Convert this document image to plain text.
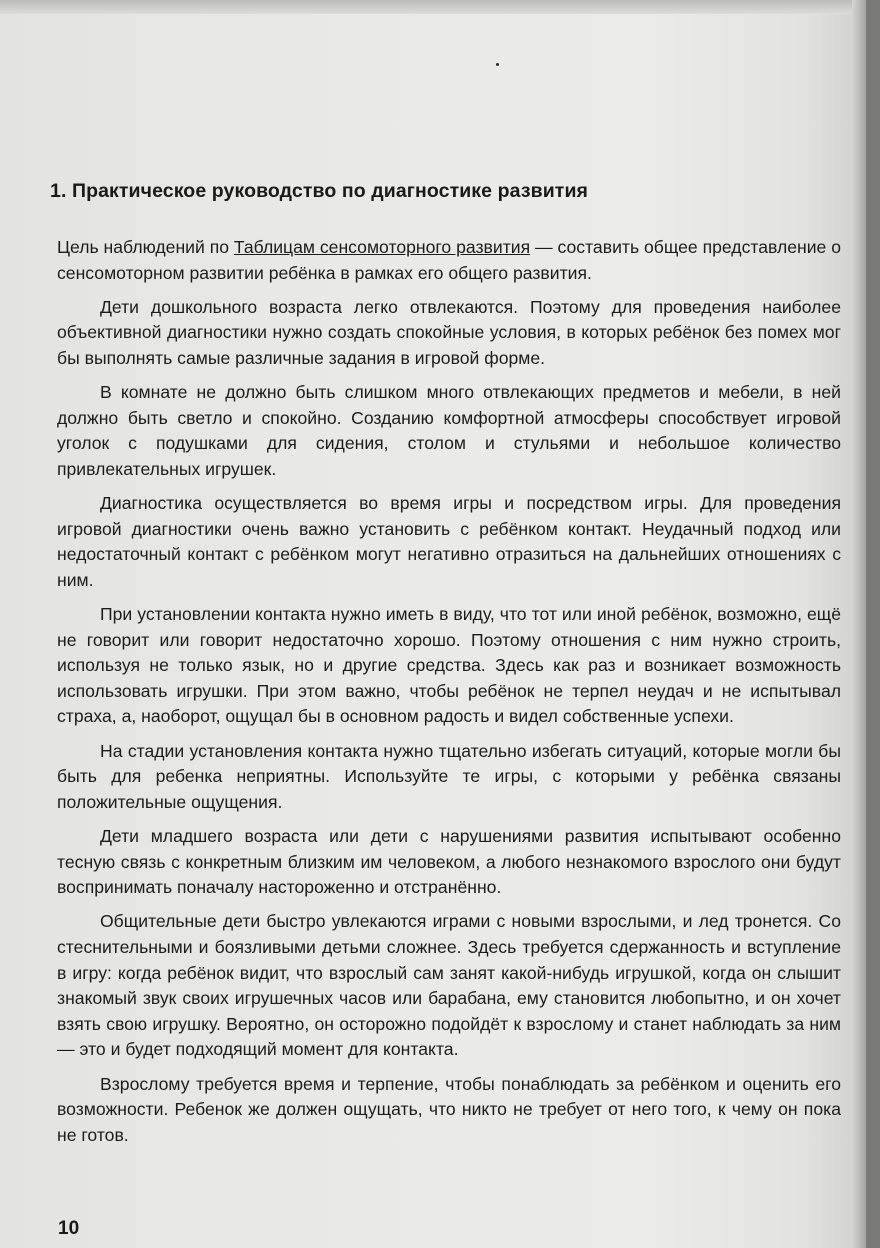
1. Практическое руководство по диагностике развития

Цель наблюдений по Таблицам сенсомоторного развития — составить общее представление о сенсомоторном развитии ребёнка в рамках его общего развития.

Дети дошкольного возраста легко отвлекаются. Поэтому для проведения наиболее объективной диагностики нужно создать спокойные условия, в которых ребёнок без помех мог бы выполнять самые различные задания в игровой форме.

В комнате не должно быть слишком много отвлекающих предметов и мебели, в ней должно быть светло и спокойно. Созданию комфортной атмосферы способствует игровой уголок с подушками для сидения, столом и стульями и небольшое количество привлекательных игрушек.

Диагностика осуществляется во время игры и посредством игры. Для проведения игровой диагностики очень важно установить с ребёнком контакт. Неудачный подход или недостаточный контакт с ребёнком могут негативно отразиться на дальнейших отношениях с ним.

При установлении контакта нужно иметь в виду, что тот или иной ребёнок, возможно, ещё не говорит или говорит недостаточно хорошо. Поэтому отношения с ним нужно строить, используя не только язык, но и другие средства. Здесь как раз и возникает возможность использовать игрушки. При этом важно, чтобы ребёнок не терпел неудач и не испытывал страха, а, наоборот, ощущал бы в основном радость и видел собственные успехи.

На стадии установления контакта нужно тщательно избегать ситуаций, которые могли бы быть для ребенка неприятны. Используйте те игры, с которыми у ребёнка связаны положительные ощущения.

Дети младшего возраста или дети с нарушениями развития испытывают особенно тесную связь с конкретным близким им человеком, а любого незнакомого взрослого они будут воспринимать поначалу настороженно и отстранённо.

Общительные дети быстро увлекаются играми с новыми взрослыми, и лед тронется. Со стеснительными и боязливыми детьми сложнее. Здесь требуется сдержанность и вступление в игру: когда ребёнок видит, что взрослый сам занят какой-нибудь игрушкой, когда он слышит знакомый звук своих игрушечных часов или барабана, ему становится любопытно, и он хочет взять свою игрушку. Вероятно, он осторожно подойдёт к взрослому и станет наблюдать за ним — это и будет подходящий момент для контакта.

Взрослому требуется время и терпение, чтобы понаблюдать за ребёнком и оценить его возможности. Ребенок же должен ощущать, что никто не требует от него того, к чему он пока не готов.

10
